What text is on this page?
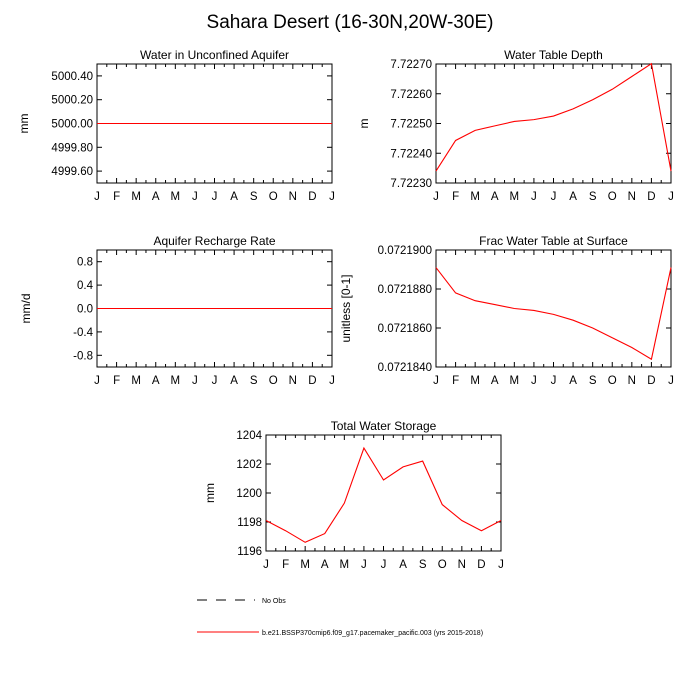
Sahara Desert (16-30N,20W-30E)
Water in Unconfined Aquifer
mm
J F M A M J J A S O N D J
4999.60
4999.80
5000.00
5000.20
5000.40
Water Table Depth
m
J F M A M J J A S O N D J
7.72230
7.72240
7.72250
7.72260
7.72270
Aquifer Recharge Rate
mm/d
J F M A M J J A S O N D J
-0.8
-0.4
0.0
0.4
0.8
Frac Water Table at Surface
unitless [0-1]
J F M A M J J A S O N D J
0.0721840
0.0721860
0.0721880
0.0721900
Total Water Storage
mm
J F M A M J J A S O N D J
1196
1198
1200
1202
1204
No Obs
b.e21.BSSP370cmip6.f09_g17.pacemaker_pacific.003 (yrs 2015-2018)
